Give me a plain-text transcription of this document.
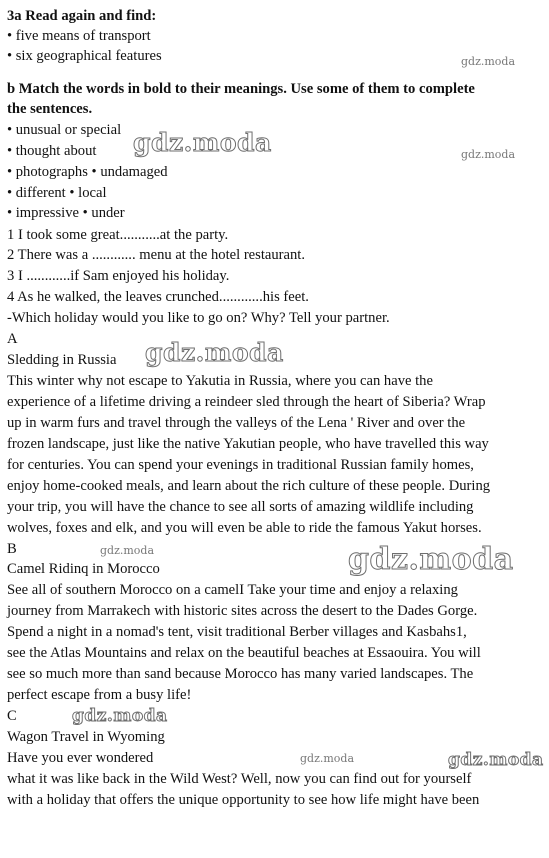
3a Read again and find:
• five means of transport
• six geographical features
b Match the words in bold to their meanings. Use some of them to complete
the sentences.
• unusual or special
• thought about
• photographs • undamaged
• different • local
• impressive • under
1 I took some great...........at the party.
2 There was a ............ menu at the hotel restaurant.
3 I ............if Sam enjoyed his holiday.
4 As he walked, the leaves crunched............his feet.
-Which holiday would you like to go on? Why? Tell your partner.
A
Sledding in Russia
This winter why not escape to Yakutia in Russia, where you can have the
experience of a lifetime driving a reindeer sled through the heart of Siberia? Wrap
up in warm furs and travel through the valleys of the Lena ' River and over the
frozen landscape, just like the native Yakutian people, who have travelled this way
for centuries. You can spend your evenings in traditional Russian family homes,
enjoy home-cooked meals, and learn about the rich culture of these people. During
your trip, you will have the chance to see all sorts of amazing wildlife including
wolves, foxes and elk, and you will even be able to ride the famous Yakut horses.
B
Camel Ridinq in Morocco
See all of southern Morocco on a camelI Take your time and enjoy a relaxing
journey from Marrakech with historic sites across the desert to the Dades Gorge.
Spend a night in a nomad's tent, visit traditional Berber villages and Kasbahs1,
see the Atlas Mountains and relax on the beautiful beaches at Essaouira. You will
see so much more than sand because Morocco has many varied landscapes. The
perfect escape from a busy life!
C
Wagon Travel in Wyoming
Have you ever wondered
what it was like back in the Wild West? Well, now you can find out for yourself
with a holiday that offers the unique opportunity to see how life might have been
gdz.moda
gdz.moda	gdz.moda
gdz.moda
gdz.moda	gdz.moda
gdz.moda
gdz.moda	gdz.moda
